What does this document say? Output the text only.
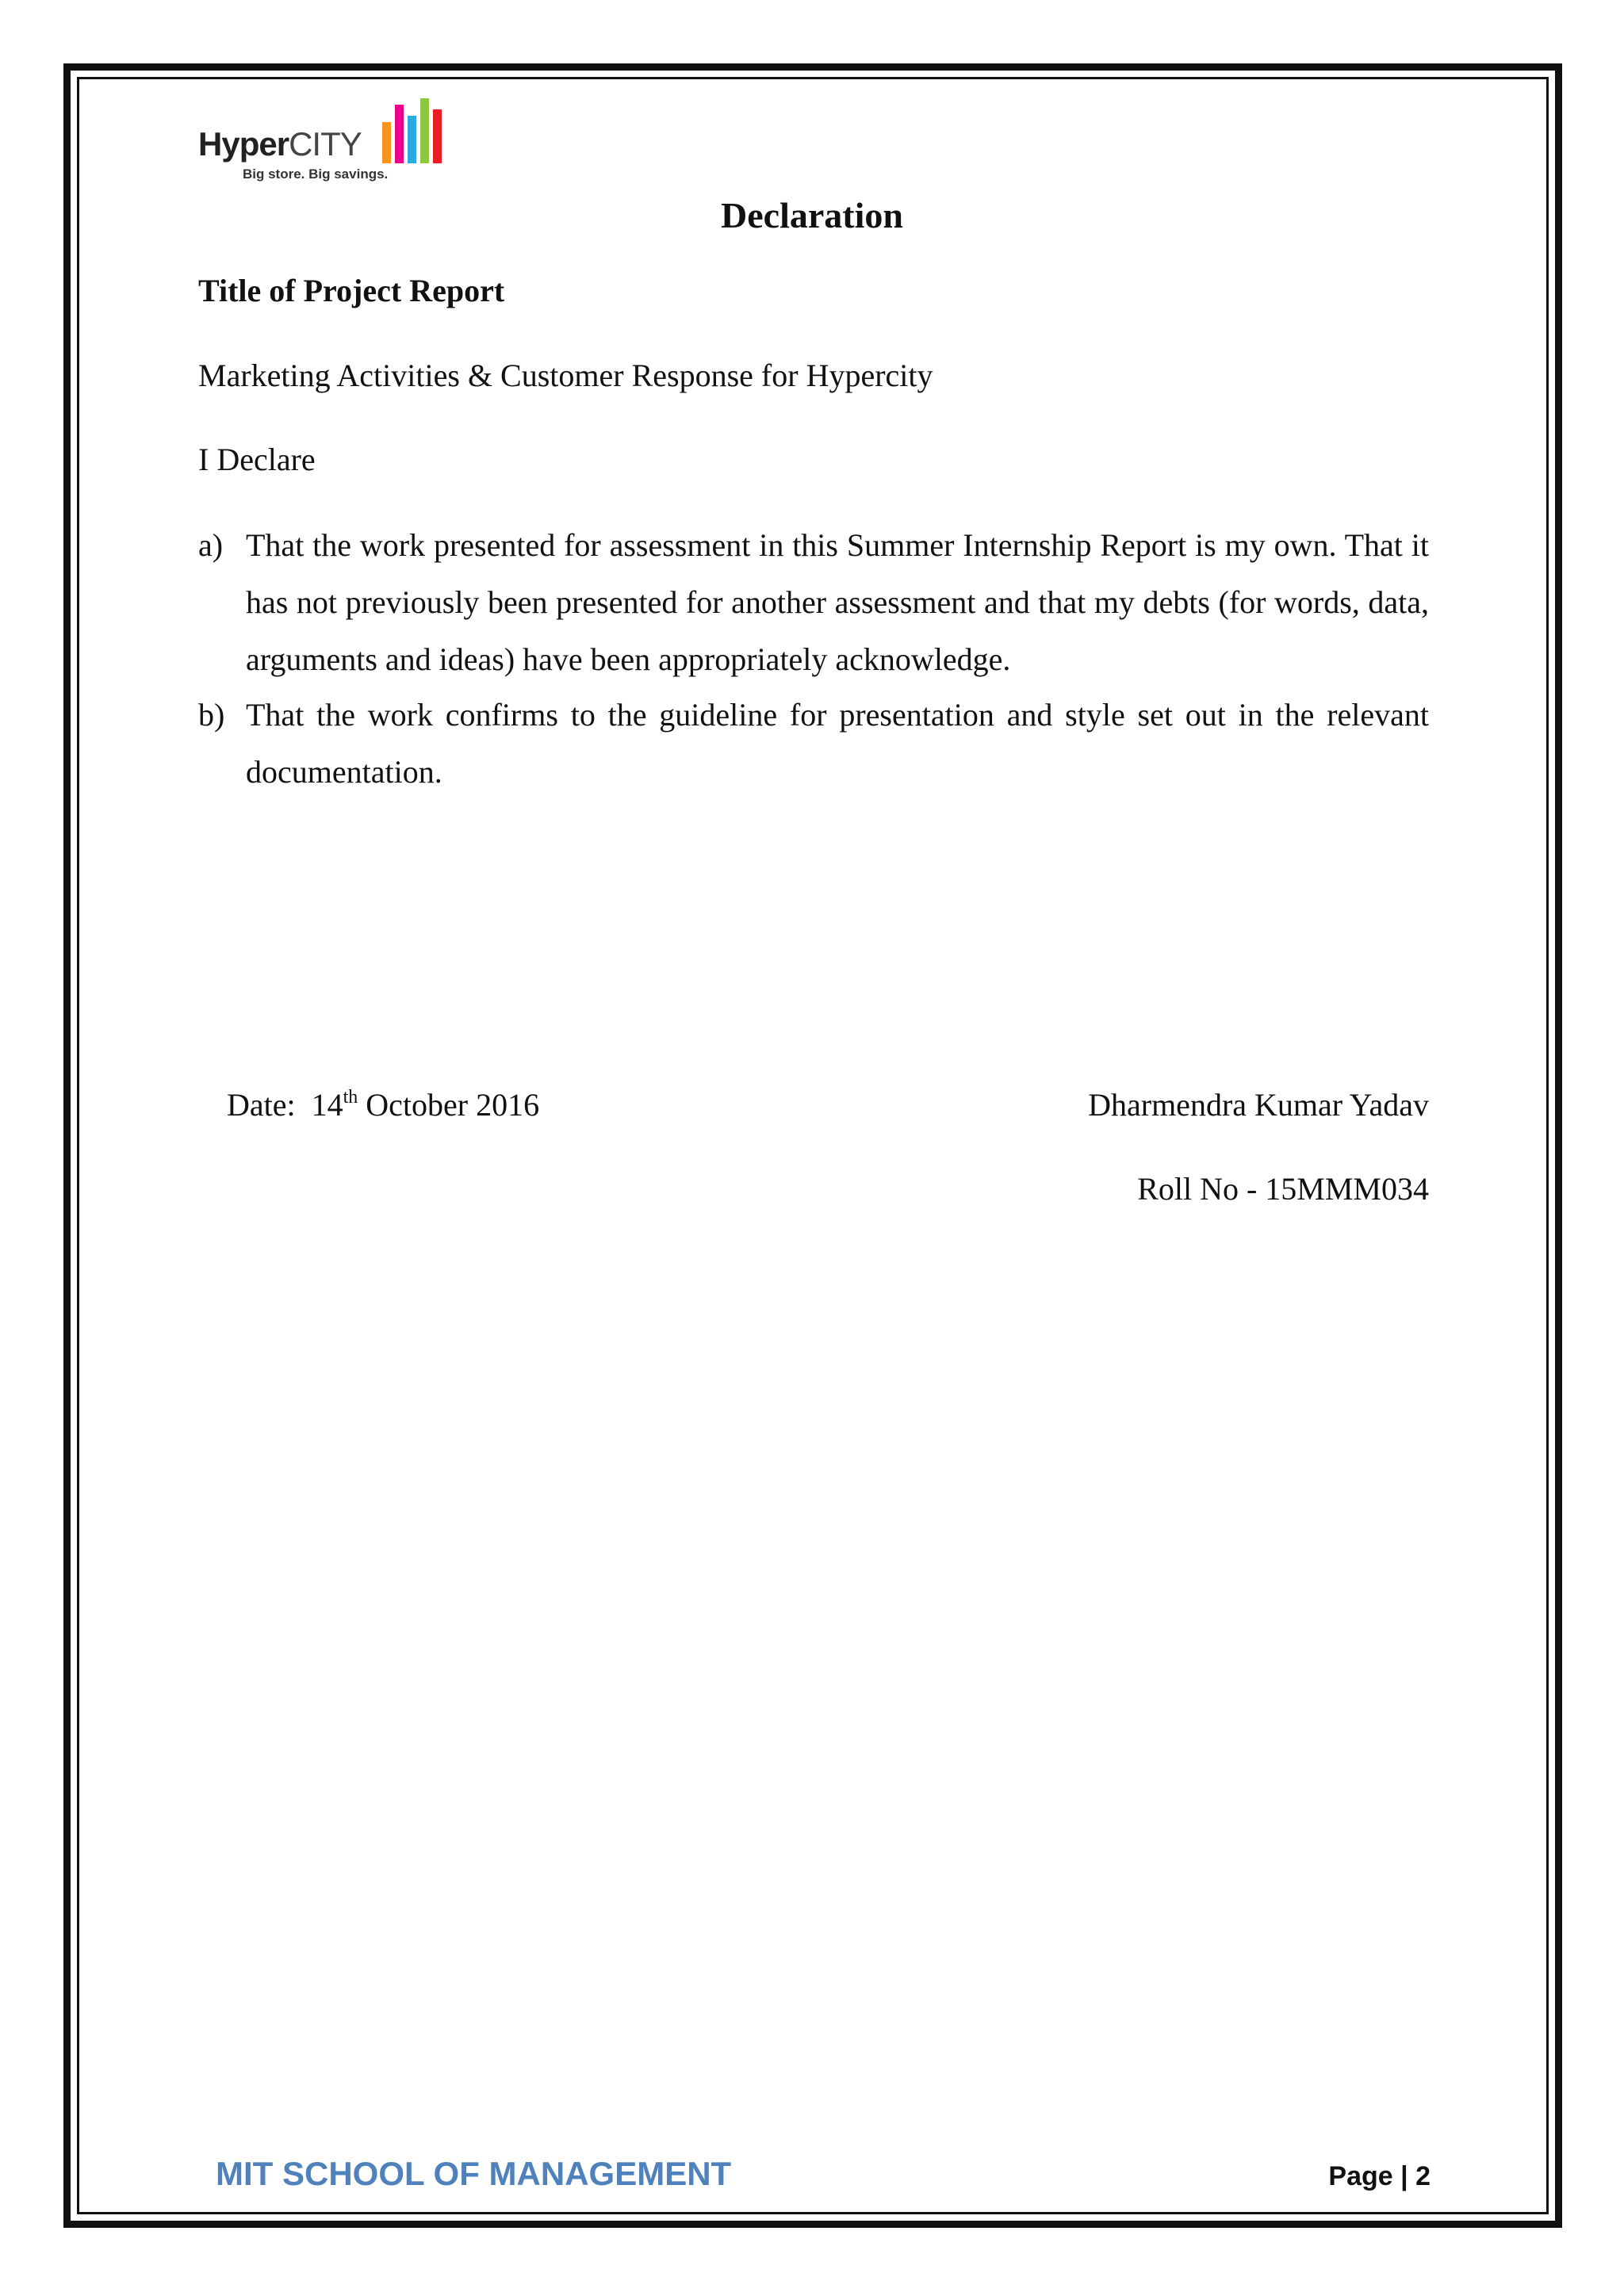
HyperCITY
Big store. Big savings.
Declaration
Title of Project Report
Marketing Activities & Customer Response for Hypercity
I Declare
a) That the work presented for assessment in this Summer Internship Report is my own. That it has not previously been presented for another assessment and that my debts (for words, data, arguments and ideas) have been appropriately acknowledge.
b) That the work confirms to the guideline for presentation and style set out in the relevant documentation.
Date: 14th October 2016	Dharmendra Kumar Yadav
Roll No - 15MMM034
MIT SCHOOL OF MANAGEMENT	Page | 2
